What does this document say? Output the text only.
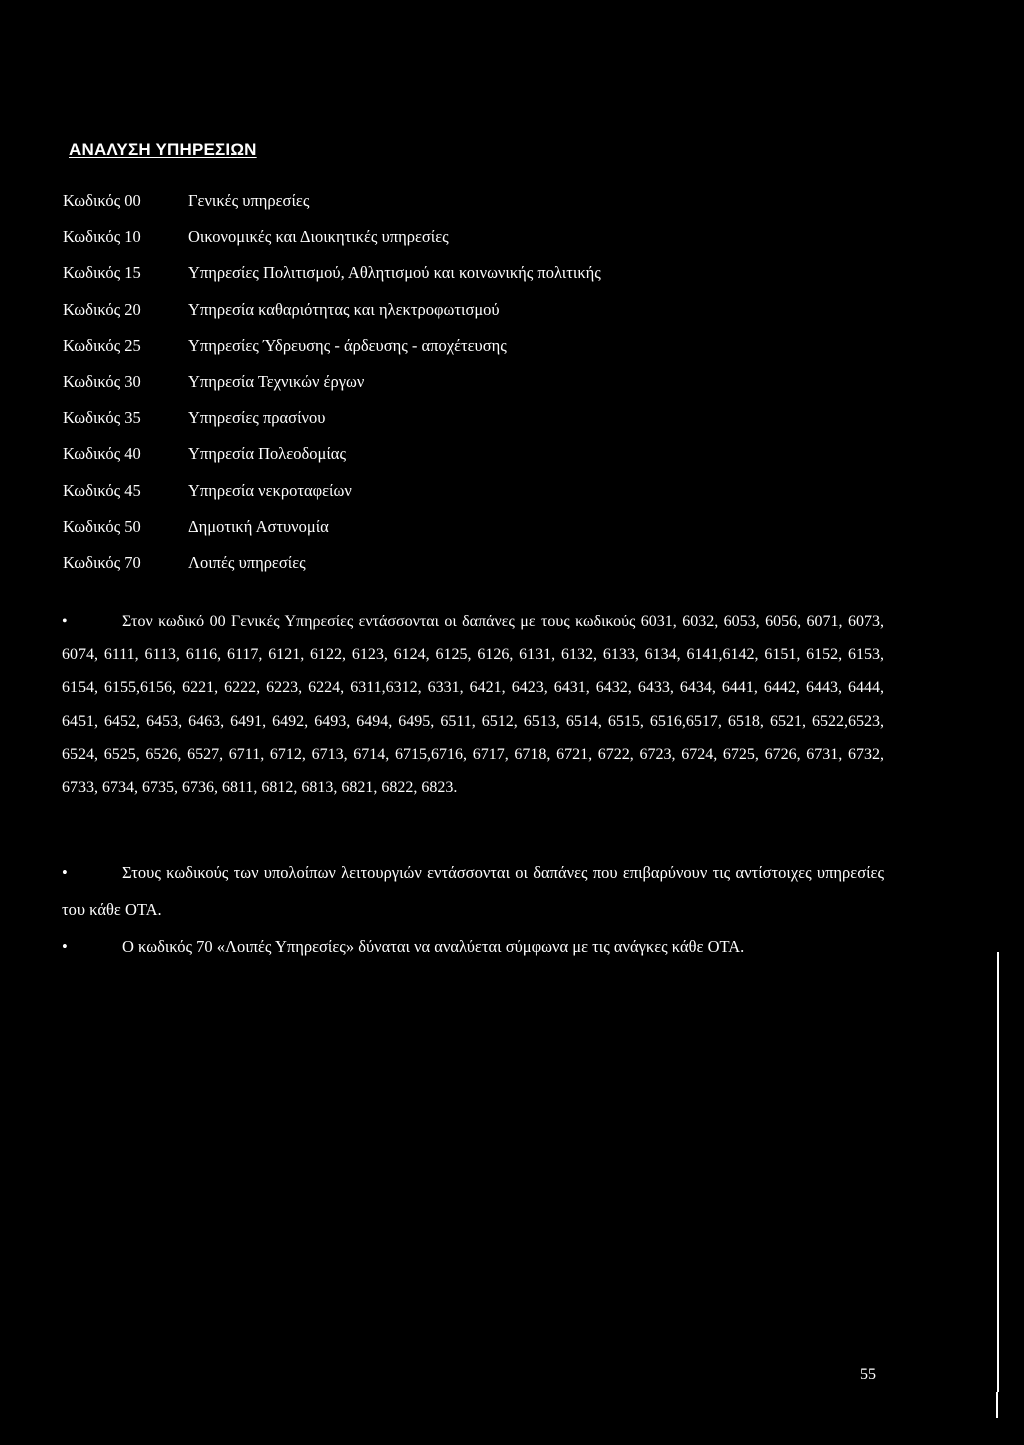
ΑΝΑΛΥΣΗ ΥΠΗΡΕΣΙΩΝ
Κωδικός 00	Γενικές υπηρεσίες
Κωδικός 10	Οικονομικές και Διοικητικές υπηρεσίες
Κωδικός 15	Υπηρεσίες Πολιτισμού, Αθλητισμού και κοινωνικής πολιτικής
Κωδικός 20	Υπηρεσία καθαριότητας και ηλεκτροφωτισμού
Κωδικός 25	Υπηρεσίες Ύδρευσης - άρδευσης - αποχέτευσης
Κωδικός 30	Υπηρεσία Τεχνικών έργων
Κωδικός 35	Υπηρεσίες πρασίνου
Κωδικός 40	Υπηρεσία Πολεοδομίας
Κωδικός 45	Υπηρεσία νεκροταφείων
Κωδικός 50	Δημοτική Αστυνομία
Κωδικός 70	Λοιπές υπηρεσίες

•	Στον κωδικό 00 Γενικές Υπηρεσίες εντάσσονται οι δαπάνες με τους κωδικούς 6031, 6032, 6053, 6056, 6071, 6073, 6074, 6111, 6113, 6116, 6117, 6121, 6122, 6123, 6124, 6125, 6126, 6131, 6132, 6133, 6134, 6141,6142, 6151, 6152, 6153, 6154, 6155,6156, 6221, 6222, 6223, 6224, 6311,6312, 6331, 6421, 6423, 6431, 6432, 6433, 6434, 6441, 6442, 6443, 6444, 6451, 6452, 6453, 6463, 6491, 6492, 6493, 6494, 6495, 6511, 6512, 6513, 6514, 6515, 6516,6517, 6518, 6521, 6522,6523, 6524, 6525, 6526, 6527, 6711, 6712, 6713, 6714, 6715,6716, 6717, 6718, 6721, 6722, 6723, 6724, 6725, 6726, 6731, 6732, 6733, 6734, 6735, 6736, 6811, 6812, 6813, 6821, 6822, 6823.

•	Στους κωδικούς των υπολοίπων λειτουργιών εντάσσονται οι δαπάνες που επιβαρύνουν τις αντίστοιχες υπηρεσίες του κάθε ΟΤΑ.

•	Ο κωδικός 70 «Λοιπές Υπηρεσίες» δύναται να αναλύεται σύμφωνα με τις ανάγκες κάθε ΟΤΑ.

55
